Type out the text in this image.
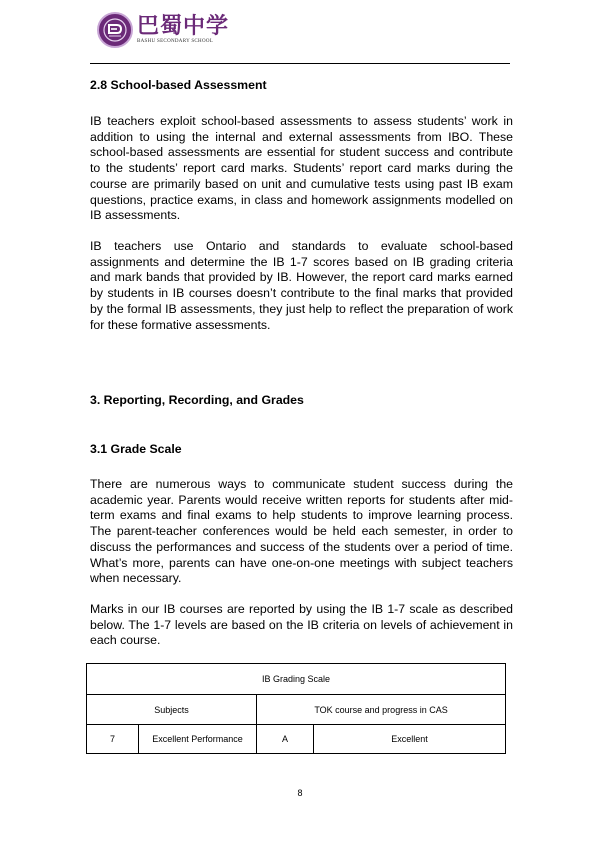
巴蜀中学
BASHU SECONDARY SCHOOL
2.8 School-based Assessment

IB teachers exploit school-based assessments to assess students’ work in addition to using the internal and external assessments from IBO. These school-based assessments are essential for student success and contribute to the students’ report card marks. Students’ report card marks during the course are primarily based on unit and cumulative tests using past IB exam questions, practice exams, in class and homework assignments modelled on IB assessments.

IB teachers use Ontario and standards to evaluate school-based assignments and determine the IB 1-7 scores based on IB grading criteria and mark bands that provided by IB. However, the report card marks earned by students in IB courses doesn’t contribute to the final marks that provided by the formal IB assessments, they just help to reflect the preparation of work for these formative assessments.

3. Reporting, Recording, and Grades
3.1 Grade Scale

There are numerous ways to communicate student success during the academic year. Parents would receive written reports for students after mid-term exams and final exams to help students to improve learning process. The parent-teacher conferences would be held each semester, in order to discuss the performances and success of the students over a period of time. What’s more, parents can have one-on-one meetings with subject teachers when necessary.

Marks in our IB courses are reported by using the IB 1-7 scale as described below. The 1-7 levels are based on the IB criteria on levels of achievement in each course.

IB Grading Scale			
Subjects		TOK course and progress in CAS	
7	Excellent Performance	A	Excellent
8
